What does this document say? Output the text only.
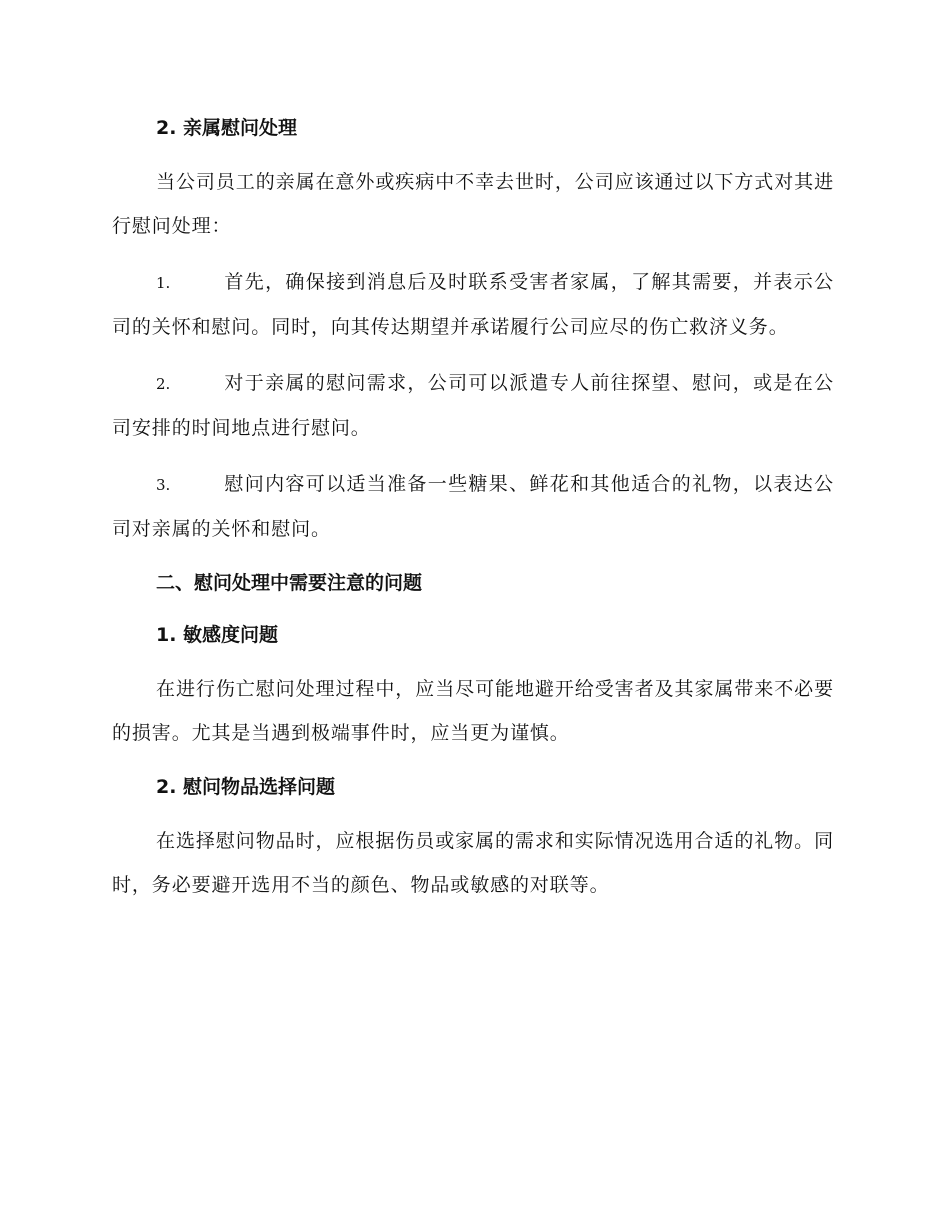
2. 亲属慰问处理

当公司员工的亲属在意外或疾病中不幸去世时，公司应该通过以下方式对其进行慰问处理：

1.	首先，确保接到消息后及时联系受害者家属，了解其需要，并表示公司的关怀和慰问。同时，向其传达期望并承诺履行公司应尽的伤亡救济义务。

2.	对于亲属的慰问需求，公司可以派遣专人前往探望、慰问，或是在公司安排的时间地点进行慰问。

3.	慰问内容可以适当准备一些糖果、鲜花和其他适合的礼物，以表达公司对亲属的关怀和慰问。

二、慰问处理中需要注意的问题
1. 敏感度问题

在进行伤亡慰问处理过程中，应当尽可能地避开给受害者及其家属带来不必要的损害。尤其是当遇到极端事件时，应当更为谨慎。

2. 慰问物品选择问题

在选择慰问物品时，应根据伤员或家属的需求和实际情况选用合适的礼物。同时，务必要避开选用不当的颜色、物品或敏感的对联等。
